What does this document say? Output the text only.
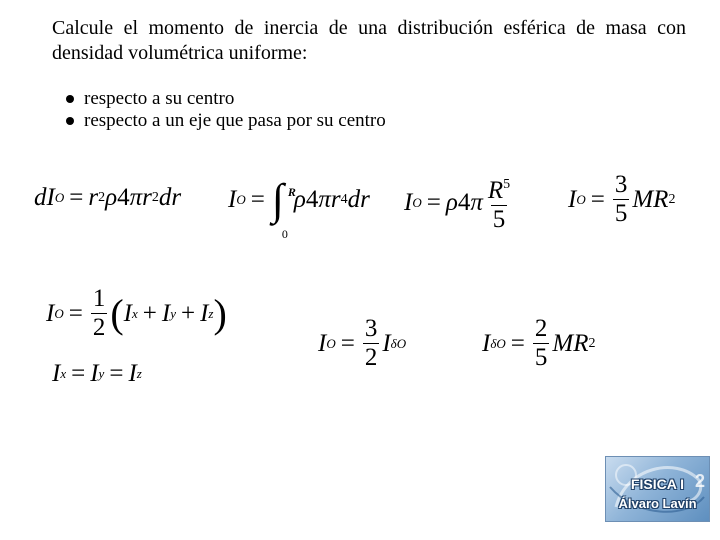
Calcule el momento de inercia de una distribución esférica de masa con densidad volumétrica uniforme:

respecto a su centro
respecto a un eje que pasa por su centro
d I O = r 2 ρ 4 π r 2 d r I O = ∫ R
0
ρ 4 π r 4 d r I O = ρ 4 π $\frac{R^5}{5}$ I $O = \frac{3}{5}$ M R 2
I $O = \frac{1}{2}$ ( I x + I y + I z )
I x = I y = I z
I $O = \frac{3}{2}$ I δO	I $\delta O = \frac{2}{5}$ M R 2
FISICA I
Álvaro Lavín
2
